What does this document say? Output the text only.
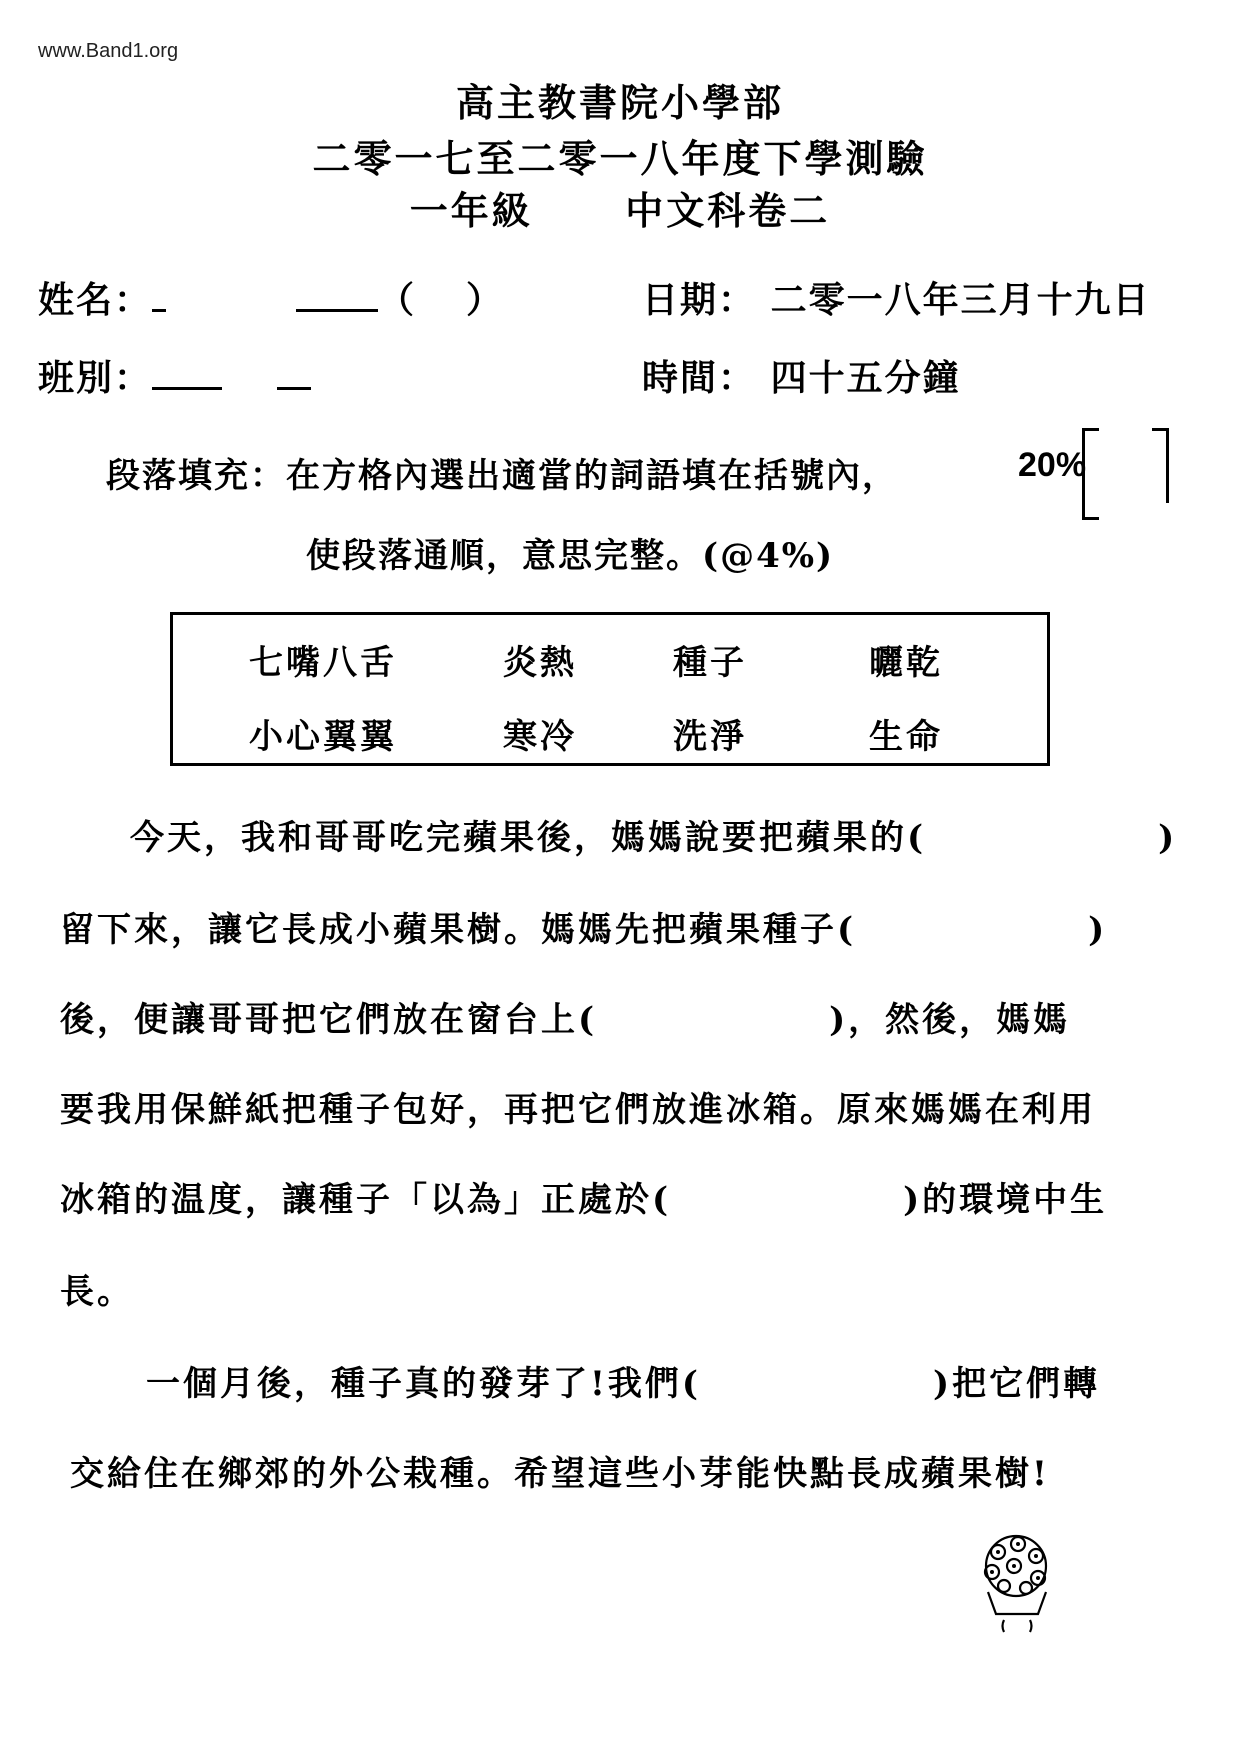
www.Band1.org
高主教書院小學部
二零一七至二零一八年度下學測驗
一年級 中文科卷二
姓名：	（ ）	日期： 二零一八年三月十九日
班別：	時間： 四十五分鐘
段落填充：在方格內選出適當的詞語填在括號內，	20%
使段落通順，意思完整。(@4%)
七嘴八舌	炎熱	種子	曬乾
小心翼翼	寒冷	洗淨	生命
今天，我和哥哥吃完蘋果後，媽媽說要把蘋果的(	)
留下來，讓它長成小蘋果樹。媽媽先把蘋果種子(	)
後，便讓哥哥把它們放在窗台上(	)，然後，媽媽
要我用保鮮紙把種子包好，再把它們放進冰箱。原來媽媽在利用
冰箱的温度，讓種子「以為」正處於(	)的環境中生
長。
一個月後，種子真的發芽了!我們(	)把它們轉
交給住在鄉郊的外公栽種。希望這些小芽能快點長成蘋果樹!
